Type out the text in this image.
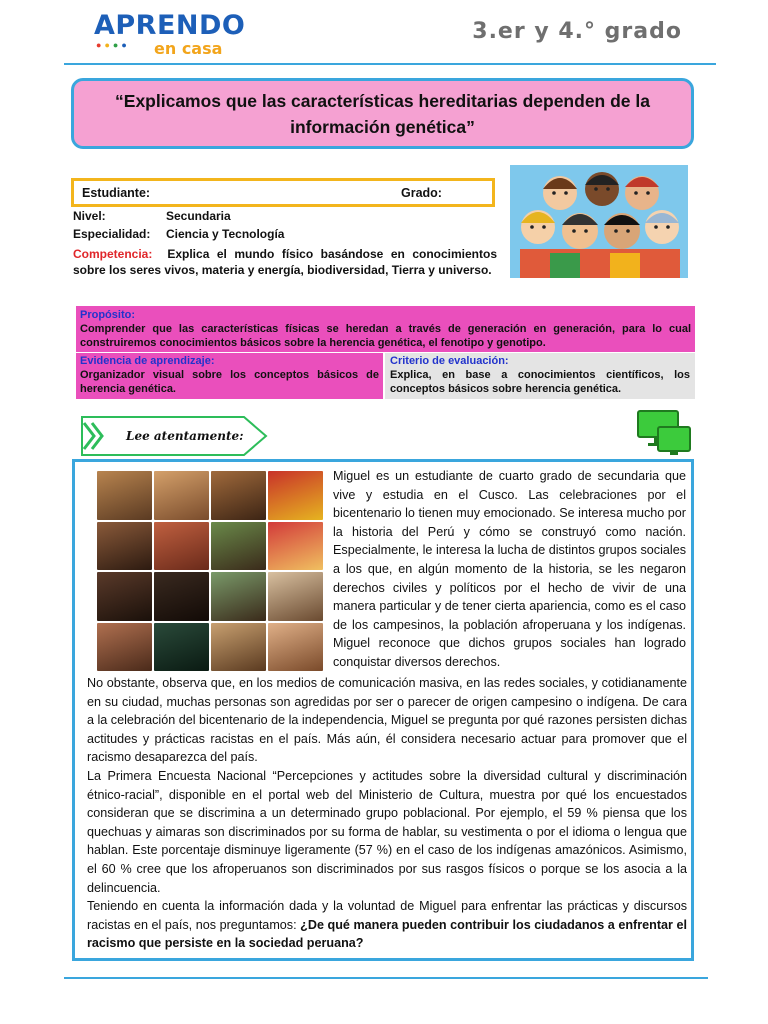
APRENDO
●●●● en casa
3.er y 4.° grado

“Explicamos que las características hereditarias dependen de la información genética”

Estudiante:	Grado:
Nivel:	Secundaria
Especialidad: Ciencia y Tecnología
Competencia: Explica el mundo físico basándose en conocimientos sobre los seres vivos, materia y energía, biodiversidad, Tierra y universo.
Propósito:
Comprender que las características físicas se heredan a través de generación en generación, para lo cual construiremos conocimientos básicos sobre la herencia genética, el fenotipo y genotipo.
Evidencia de aprendizaje:
Organizador visual sobre los conceptos básicos de herencia genética.
Criterio de evaluación:
Explica, en base a conocimientos científicos, los conceptos básicos sobre herencia genética.
Lee atentamente:
Miguel es un estudiante de cuarto grado de secundaria que vive y estudia en el Cusco. Las celebraciones por el bicentenario lo tienen muy emocionado. Se interesa mucho por la historia del Perú y cómo se construyó como nación. Especialmente, le interesa la lucha de distintos grupos sociales a los que, en algún momento de la historia, se les negaron derechos civiles y políticos por el hecho de vivir de una manera particular y de tener cierta apariencia, como es el caso de los campesinos, la población afroperuana y los indígenas. Miguel reconoce que dichos grupos sociales han logrado conquistar diversos derechos.

No obstante, observa que, en los medios de comunicación masiva, en las redes sociales, y cotidianamente en su ciudad, muchas personas son agredidas por ser o parecer de origen campesino o indígena. De cara a la celebración del bicentenario de la independencia, Miguel se pregunta por qué razones persisten dichas actitudes y prácticas racistas en el país. Más aún, él considera necesario actuar para promover que el racismo desaparezca del país.

La Primera Encuesta Nacional “Percepciones y actitudes sobre la diversidad cultural y discriminación étnico-racial”, disponible en el portal web del Ministerio de Cultura, muestra por qué los encuestados consideran que se discrimina a un determinado grupo poblacional. Por ejemplo, el 59 % piensa que los quechuas y aimaras son discriminados por su forma de hablar, su vestimenta o por el idioma o lengua que hablan. Este porcentaje disminuye ligeramente (57 %) en el caso de los indígenas amazónicos. Asimismo, el 60 % cree que los afroperuanos son discriminados por sus rasgos físicos o porque se los asocia a la delincuencia.

Teniendo en cuenta la información dada y la voluntad de Miguel para enfrentar las prácticas y discursos racistas en el país, nos preguntamos: ¿De qué manera pueden contribuir los ciudadanos a enfrentar el racismo que persiste en la sociedad peruana?
